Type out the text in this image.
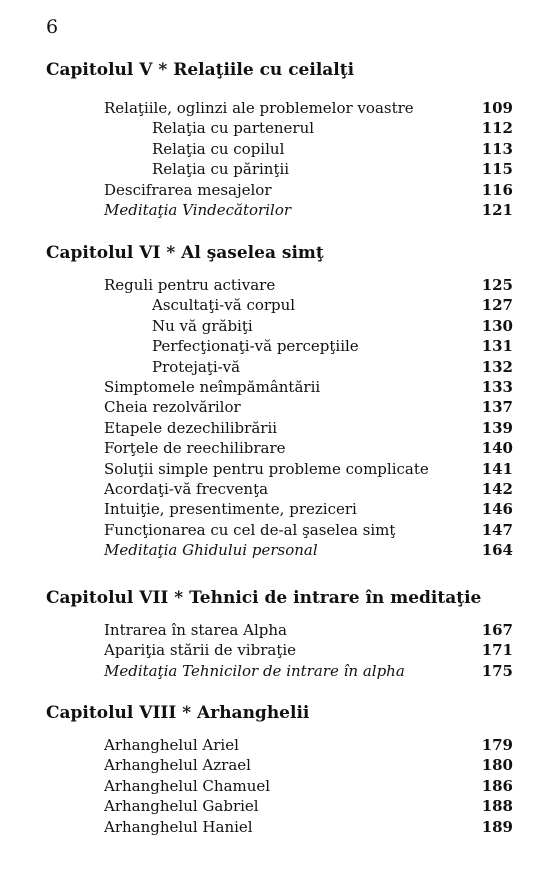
6
Capitolul V * Relaţiile cu ceilalţi
Relaţiile, oglinzi ale problemelor voastre	109
Relaţia cu partenerul	112
Relaţia cu copilul	113
Relaţia cu părinţii	115
Descifrarea mesajelor	116
Meditaţia Vindecătorilor	121
Capitolul VI * Al şaselea simţ
Reguli pentru activare	125
Ascultaţi-vă corpul	127
Nu vă grăbiţi	130
Perfecţionaţi-vă percepţiile	131
Protejaţi-vă	132
Simptomele neîmpământării	133
Cheia rezolvărilor	137
Etapele dezechilibrării	139
Forţele de reechilibrare	140
Soluţii simple pentru probleme complicate	141
Acordaţi-vă frecvenţa	142
Intuiţie, presentimente, preziceri	146
Funcţionarea cu cel de-al şaselea simţ	147
Meditaţia Ghidului personal	164
Capitolul VII * Tehnici de intrare în meditaţie
Intrarea în starea Alpha	167
Apariţia stării de vibraţie	171
Meditaţia Tehnicilor de intrare în alpha	175
Capitolul VIII * Arhanghelii
Arhanghelul Ariel	179
Arhanghelul Azrael	180
Arhanghelul Chamuel	186
Arhanghelul Gabriel	188
Arhanghelul Haniel	189
